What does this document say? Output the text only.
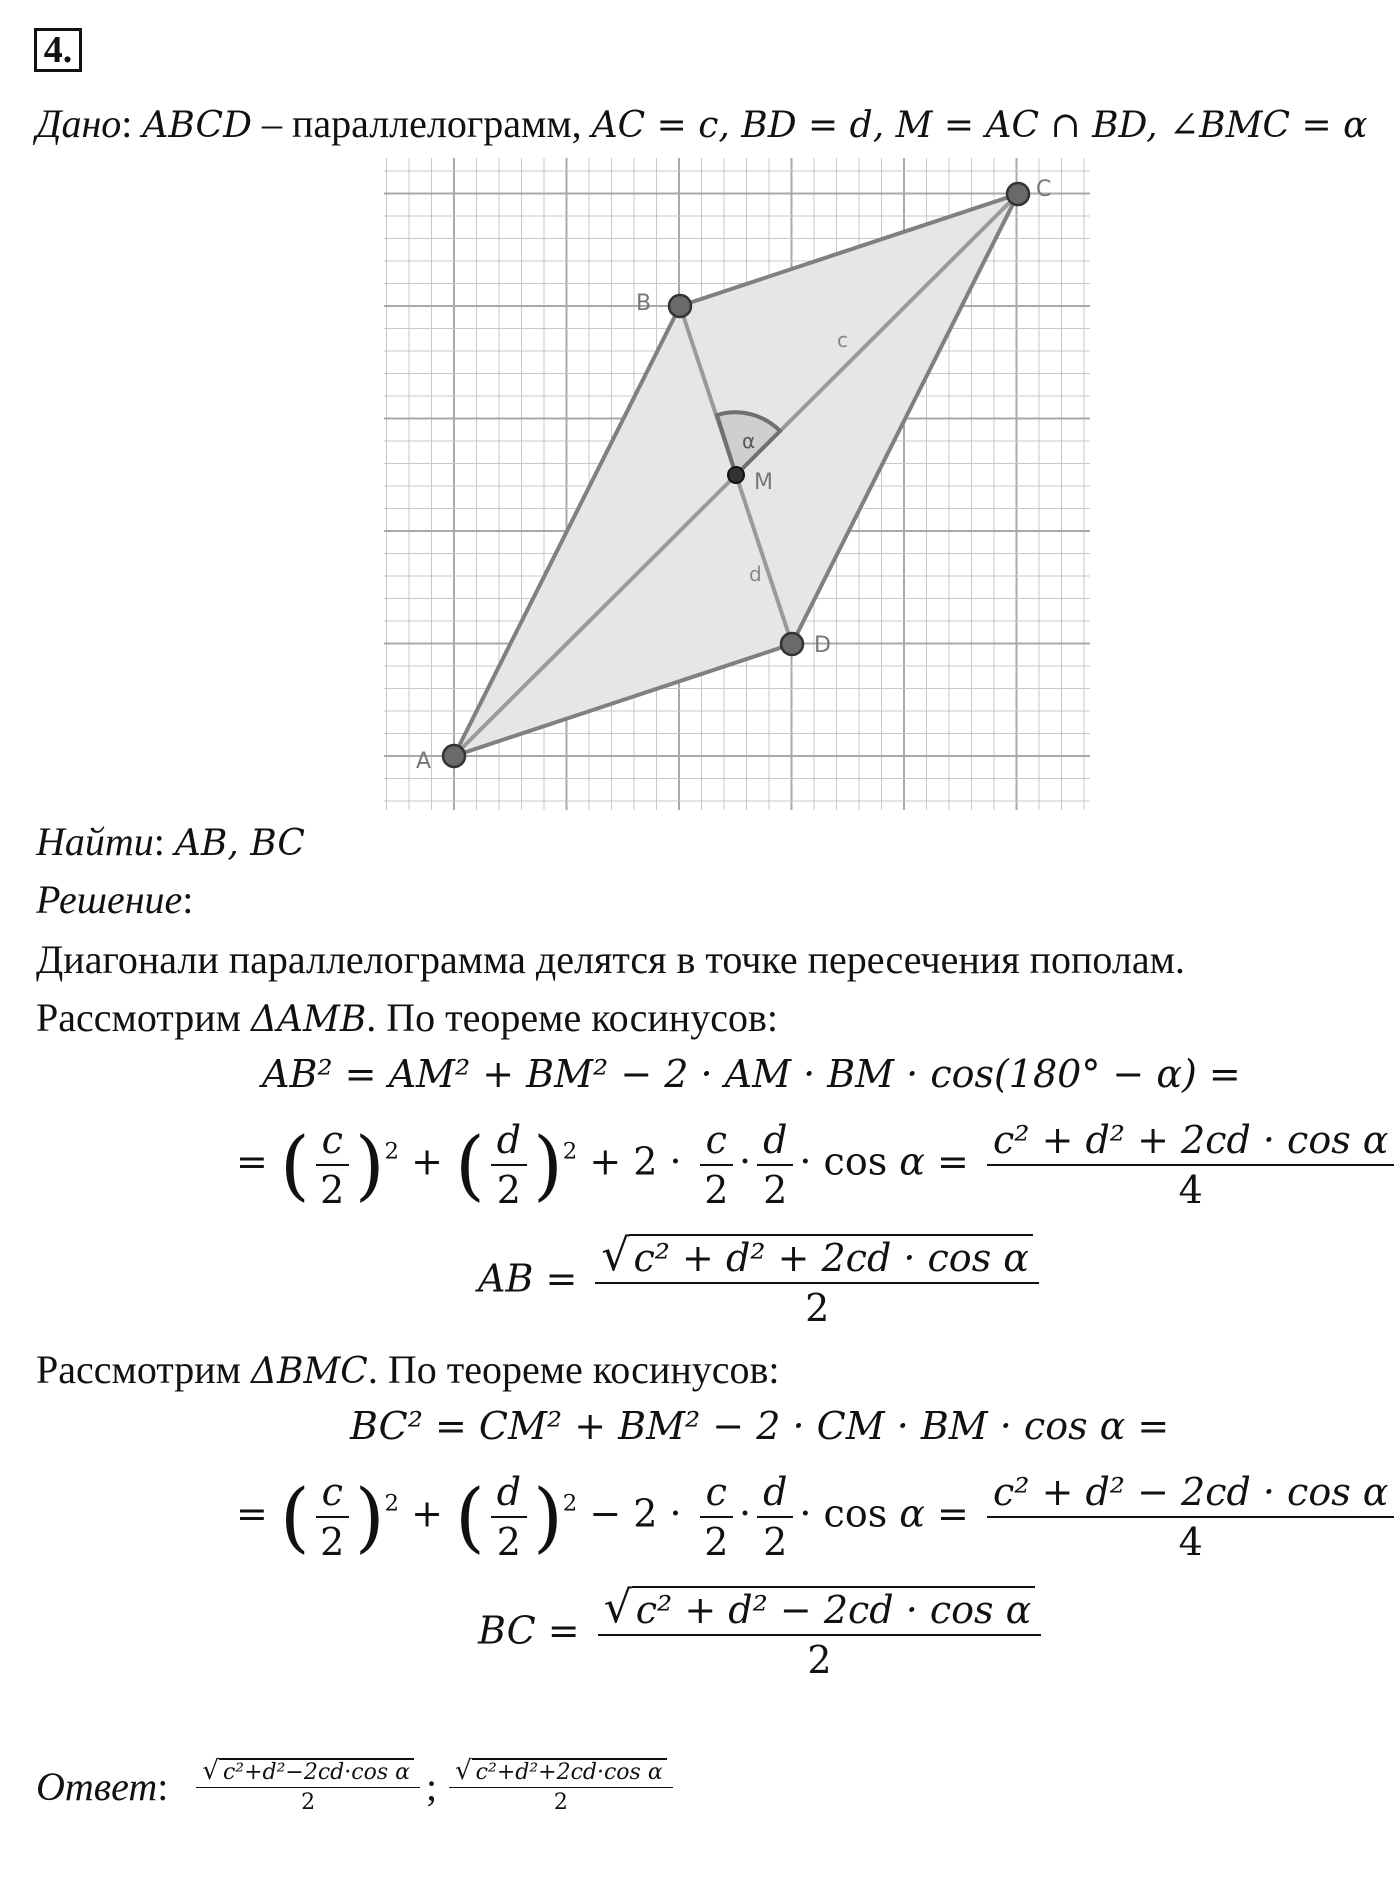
4.
Дано: ABCD – параллелограмм, AC = c, BD = d, M = AC ∩ BD, ∠BMC = α
α
c
d
A
B
C
D
M
Найти: AB, BC
Решение:
Диагонали параллелограмма делятся в точке пересечения пополам.
Рассмотрим ΔAMB. По теореме косинусов:
AB² = AM² + BM² − 2 · AM · BM · cos(180° − α) =
= ( $\frac{c}{2} )^2$ + ( $\frac{d}{2} )^2 + 2 \cdot \frac{c}{2} \cdot \frac{d}{2} \cdot \cos \alpha = \frac{\text{c² + d² + 2cd · cos α}}{4}$
AB = $\frac{\text{√ c² + d² + 2cd · cos α}}{2}$
Рассмотрим ΔBMC. По теореме косинусов:
BC² = CM² + BM² − 2 · CM · BM · cos α =
= ( $\frac{c}{2} )^2$ + ( $\frac{d}{2} )^2 - 2 \cdot \frac{c}{2} \cdot \frac{d}{2} \cdot \cos \alpha = \frac{\text{c² + d² − 2cd · cos α}}{4}$
BC = $\frac{\text{√ c² + d² − 2cd · cos α}}{2}$
Ответ : $\frac{\text{√ c²+d²−2cd·cos α}}{2}$ ; $\frac{\text{√ c²+d²+2cd·cos α}}{2}$
